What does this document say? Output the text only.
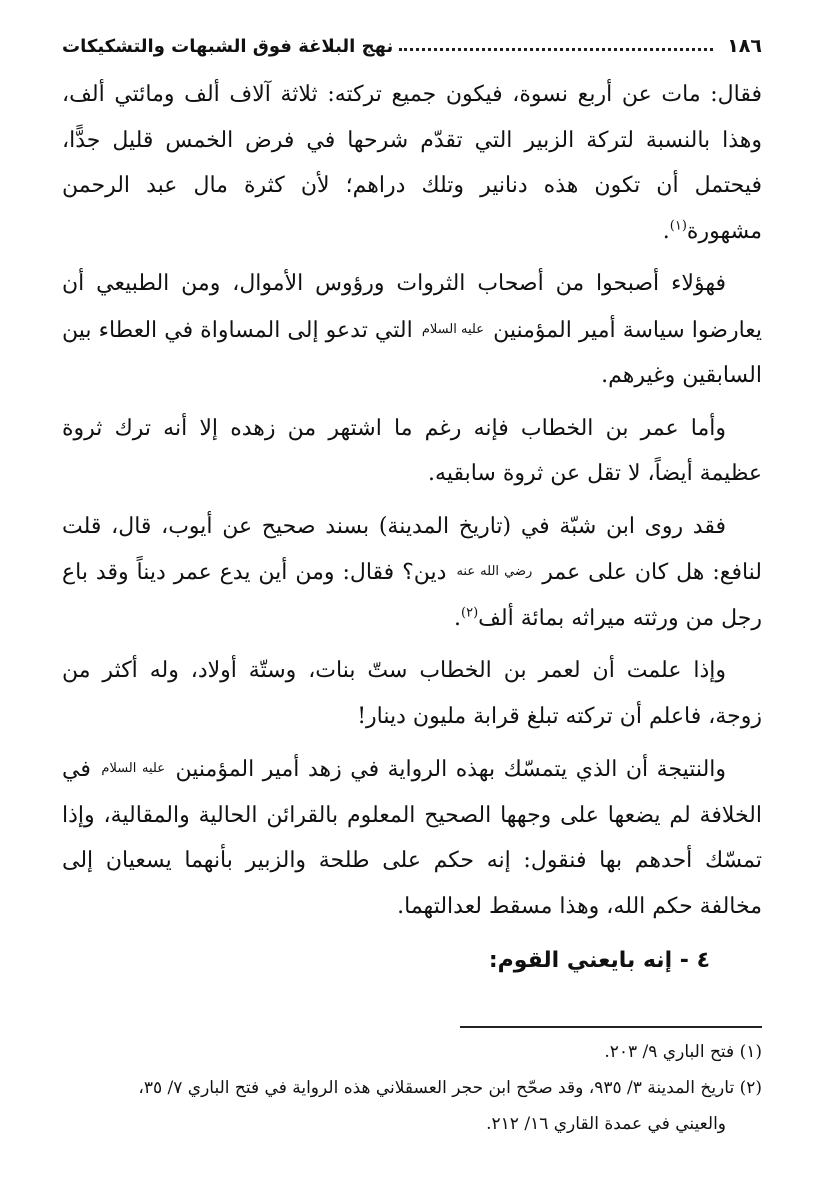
١٨٦
نهج البلاغة فوق الشبهات والتشكيكات

فقال: مات عن أربع نسوة، فيكون جميع تركته: ثلاثة آلاف ألف ومائتي ألف، وهذا بالنسبة لتركة الزبير التي تقدّم شرحها في فرض الخمس قليل جدًّا، فيحتمل أن تكون هذه دنانير وتلك دراهم؛ لأن كثرة مال عبد الرحمن مشهورة$^{(١)}$.

فهؤلاء أصبحوا من أصحاب الثروات ورؤوس الأموال، ومن الطبيعي أن يعارضوا سياسة أمير المؤمنين عليه السلام التي تدعو إلى المساواة في العطاء بين السابقين وغيرهم.

وأما عمر بن الخطاب فإنه رغم ما اشتهر من زهده إلا أنه ترك ثروة عظيمة أيضاً، لا تقل عن ثروة سابقيه.

فقد روى ابن شبّة في (تاريخ المدينة) بسند صحيح عن أيوب، قال، قلت لنافع: هل كان على عمر رضي الله عنه دين؟ فقال: ومن أين يدع عمر ديناً وقد باع رجل من ورثته ميراثه بمائة ألف$^{(٢)}$.

وإذا علمت أن لعمر بن الخطاب ستّ بنات، وستّة أولاد، وله أكثر من زوجة، فاعلم أن تركته تبلغ قرابة مليون دينار!

والنتيجة أن الذي يتمسّك بهذه الرواية في زهد أمير المؤمنين عليه السلام في الخلافة لم يضعها على وجهها الصحيح المعلوم بالقرائن الحالية والمقالية، وإذا تمسّك أحدهم بها فنقول: إنه حكم على طلحة والزبير بأنهما يسعيان إلى مخالفة حكم الله، وهذا مسقط لعدالتهما.

٤ - إنه بايعني القوم:

(١) فتح الباري ٩/ ٢٠٣.

(٢) تاريخ المدينة ٣/ ٩٣٥، وقد صحّح ابن حجر العسقلاني هذه الرواية في فتح الباري ٧/ ٣٥،
والعيني في عمدة القاري ١٦/ ٢١٢.
